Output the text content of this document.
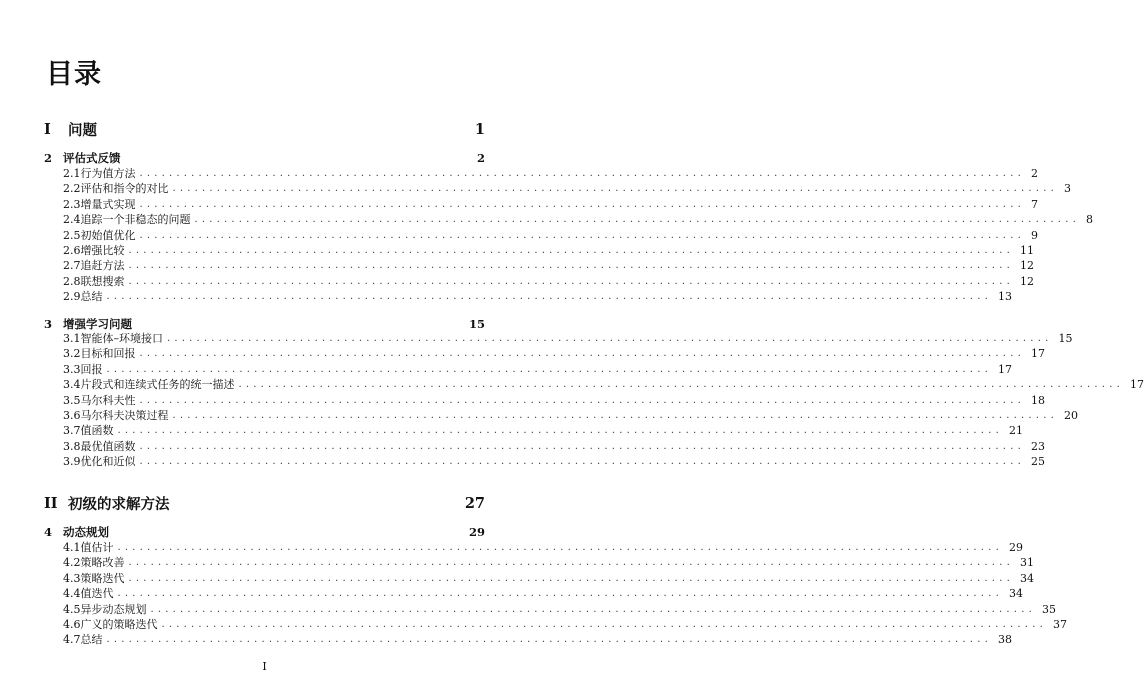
目录
I	问题	1
2 评估式反馈	2
2.1 行为值方法 ........................................................................................................................ 2
2.2 评估和指令的对比 ........................................................................................................................ 3
2.3 增量式实现 ........................................................................................................................ 7
2.4 追踪一个非稳态的问题 ........................................................................................................................ 8
2.5 初始值优化 ........................................................................................................................ 9
2.6 增强比较 ........................................................................................................................ 11
2.7 追赶方法 ........................................................................................................................ 12
2.8 联想搜索 ........................................................................................................................ 12
2.9 总结 ........................................................................................................................ 13
3 增强学习问题	15
3.1 智能体–环境接口 ........................................................................................................................ 15
3.2 目标和回报 ........................................................................................................................ 17
3.3 回报 ........................................................................................................................ 17
3.4 片段式和连续式任务的统一描述 ........................................................................................................................ 17
3.5 马尔科夫性 ........................................................................................................................ 18
3.6 马尔科夫决策过程 ........................................................................................................................ 20
3.7 值函数 ........................................................................................................................ 21
3.8 最优值函数 ........................................................................................................................ 23
3.9 优化和近似 ........................................................................................................................ 25
II 初级的求解方法	27
4 动态规划	29
4.1 值估计 ........................................................................................................................ 29
4.2 策略改善 ........................................................................................................................ 31
4.3 策略迭代 ........................................................................................................................ 34
4.4 值迭代 ........................................................................................................................ 34
4.5 异步动态规划 ........................................................................................................................ 35
4.6 广义的策略迭代 ........................................................................................................................ 37
4.7 总结 ........................................................................................................................ 38
I
